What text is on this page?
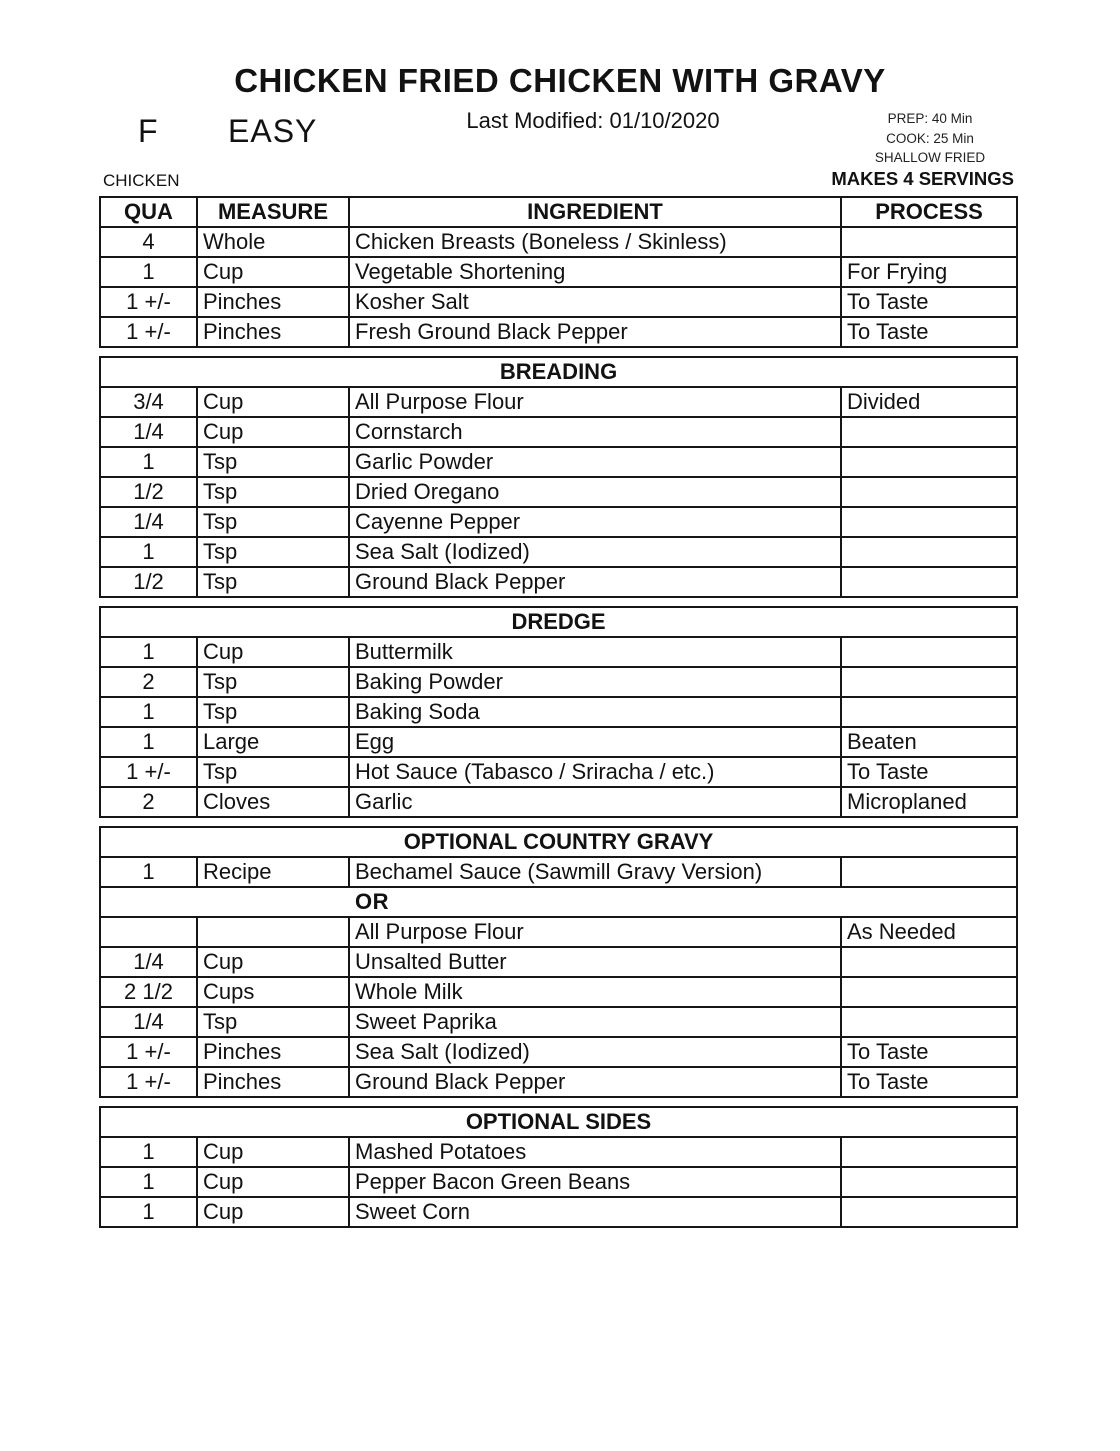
CHICKEN FRIED CHICKEN WITH GRAVY
F EASY	Last Modified: 01/10/2020	PREP: 40 Min
COOK: 25 Min
SHALLOW FRIED
CHICKEN	MAKES 4 SERVINGS
QUA	MEASURE	INGREDIENT	PROCESS
4	Whole	Chicken Breasts (Boneless / Skinless)	
1	Cup	Vegetable Shortening	For Frying
1 +/-	Pinches	Kosher Salt	To Taste
1 +/-	Pinches	Fresh Ground Black Pepper	To Taste
BREADING			
3/4	Cup	All Purpose Flour	Divided
1/4	Cup	Cornstarch	
1	Tsp	Garlic Powder	
1/2	Tsp	Dried Oregano	
1/4	Tsp	Cayenne Pepper	
1	Tsp	Sea Salt (Iodized)	
1/2	Tsp	Ground Black Pepper	
DREDGE			
1	Cup	Buttermilk	
2	Tsp	Baking Powder	
1	Tsp	Baking Soda	
1	Large	Egg	Beaten
1 +/-	Tsp	Hot Sauce (Tabasco / Sriracha / etc.)	To Taste
2	Cloves	Garlic	Microplaned
OPTIONAL COUNTRY GRAVY			
1	Recipe	Bechamel Sauce (Sawmill Gravy Version)	
OR			
		All Purpose Flour	As Needed
1/4	Cup	Unsalted Butter	
2 1/2	Cups	Whole Milk	
1/4	Tsp	Sweet Paprika	
1 +/-	Pinches	Sea Salt (Iodized)	To Taste
1 +/-	Pinches	Ground Black Pepper	To Taste
OPTIONAL SIDES			
1	Cup	Mashed Potatoes	
1	Cup	Pepper Bacon Green Beans	
1	Cup	Sweet Corn	
